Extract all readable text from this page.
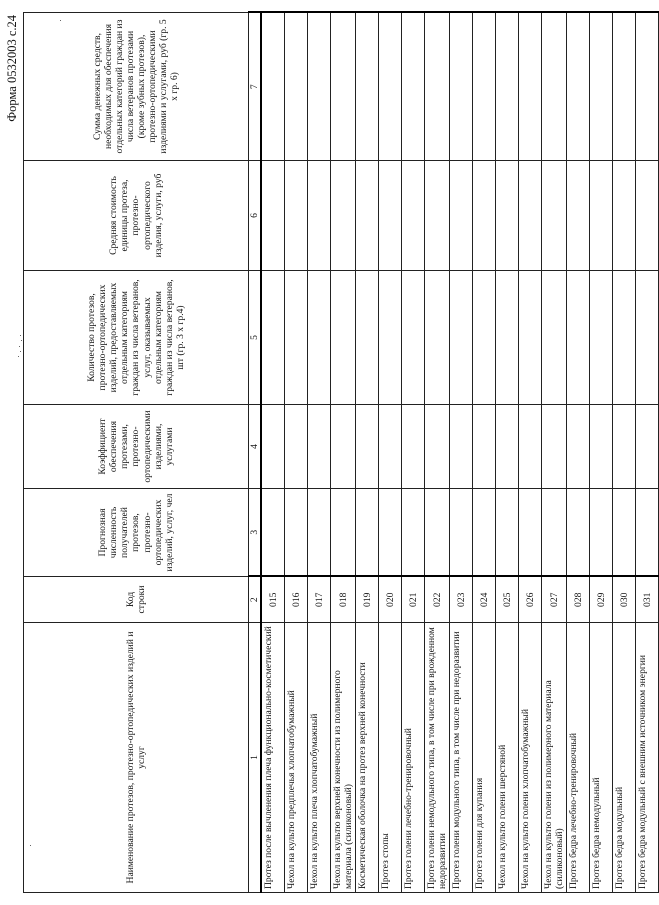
Форма 0532003 с.24
Наименование протезов, протезно-ортопедических изделий и услуг	Код строки	Прогнозная численность получателей протезов, протезно-ортопедических изделий, услуг, чел	Коэффициент обеспечения протезами, протезно-ортопедическими изделиями, услугами	Количество протезов, протезно-ортопедических изделий, предоставляемых отдельным категориям граждан из числа ветеранов, услуг, оказываемых отдельным категориям граждан из числа ветеранов, шт (гр. 3 х гр.4)	Средняя стоимость единицы протеза, протезно-ортопедического изделия, услуги, руб	Сумма денежных средств, необходимых для обеспечения отдельных категорий граждан из числа ветеранов протезами (кроме зубных протезов), протезно-ортопедическими изделиями и услугами, руб (гр. 5 х гр. 6)
1	2	3	4	5	6	7
Протез после вычленения плеча функционально-косметический	015					
Чехол на культю предплечья хлопчатобумажный	016					
Чехол на культю плеча хлопчатобумажный	017					
Чехол на культю верхней конечности из полимерного материала (силиконовый)	018					
Косметическая оболочка на протез верхней конечности	019					
Протез стопы	020					
Протез голени лечебно-тренировочный	021					
Протез голени немодульного типа, в том числе при врожденном недоразвитии	022					
Протез голени модульного типа, в том числе при недоразвитии	023					
Протез голени для купания	024					
Чехол на культю голени шерстяной	025					
Чехол на культю голени хлопчатобумажный	026					
Чехол на культю голени из полимерного материала (силиконовый)	027					
Протез бедра лечебно-тренировочный	028					
Протез бедра немодульный	029					
Протез бедра модульный	030					
Протез бедра модульный с внешним источником энергии	031					
